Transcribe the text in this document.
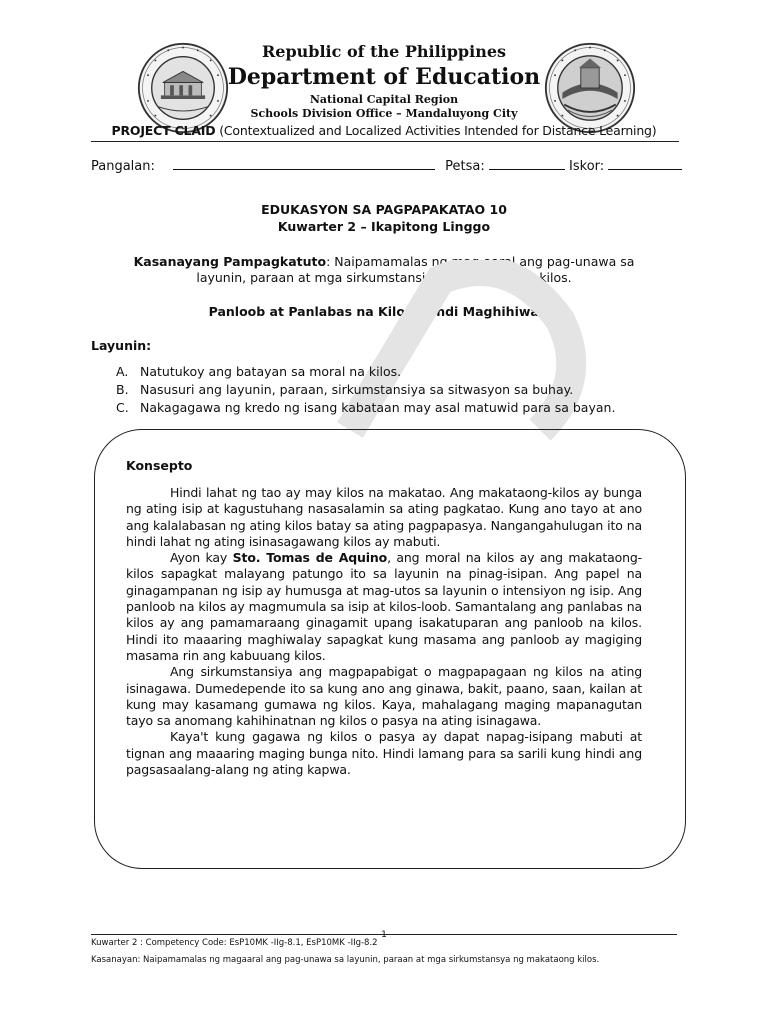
Republic of the Philippines
Department of Education
National Capital Region
Schools Division Office – Mandaluyong City
PROJECT CLAID (Contextualized and Localized Activities Intended for Distance Learning)
Pangalan:	Petsa:	Iskor:
EDUKASYON SA PAGPAPAKATAO 10
Kuwarter 2 – Ikapitong Linggo
Kasanayang Pampagkatuto: Naipamamalas ng mag-aaral ang pag-unawa sa layunin, paraan at mga sirkumstansiya ng makataong-kilos.
Panloob at Panlabas na Kilos, Hindi Maghihiwalay
Layunin:
A. Natutukoy ang batayan sa moral na kilos.
B. Nasusuri ang layunin, paraan, sirkumstansiya sa sitwasyon sa buhay.
C. Nakagagawa ng kredo ng isang kabataan may asal matuwid para sa bayan.
Konsepto

Hindi lahat ng tao ay may kilos na makatao. Ang makataong-kilos ay bunga ng ating isip at kagustuhang nasasalamin sa ating pagkatao. Kung ano tayo at ano ang kalalabasan ng ating kilos batay sa ating pagpapasya. Nangangahulugan ito na hindi lahat ng ating isinasagawang kilos ay mabuti.

Ayon kay Sto. Tomas de Aquino, ang moral na kilos ay ang makataong-kilos sapagkat malayang patungo ito sa layunin na pinag-isipan. Ang papel na ginagampanan ng isip ay humusga at mag-utos sa layunin o intensiyon ng isip. Ang panloob na kilos ay magmumula sa isip at kilos-loob. Samantalang ang panlabas na kilos ay ang pamamaraang ginagamit upang isakatuparan ang panloob na kilos. Hindi ito maaaring maghiwalay sapagkat kung masama ang panloob ay magiging masama rin ang kabuuang kilos.

Ang sirkumstansiya ang magpapabigat o magpapagaan ng kilos na ating isinagawa. Dumedepende ito sa kung ano ang ginawa, bakit, paano, saan, kailan at kung may kasamang gumawa ng kilos. Kaya, mahalagang maging mapanagutan tayo sa anomang kahihinatnan ng kilos o pasya na ating isinagawa.

Kaya't kung gagawa ng kilos o pasya ay dapat napag-isipang mabuti at tignan ang maaaring maging bunga nito. Hindi lamang para sa sarili kung hindi ang pagsasaalang-alang ng ating kapwa.

1
Kuwarter 2 : Competency Code: EsP10MK -IIg-8.1, EsP10MK -IIg-8.2
Kasanayan: Naipamamalas ng magaaral ang pag-unawa sa layunin, paraan at mga sirkumstansya ng makataong kilos.
